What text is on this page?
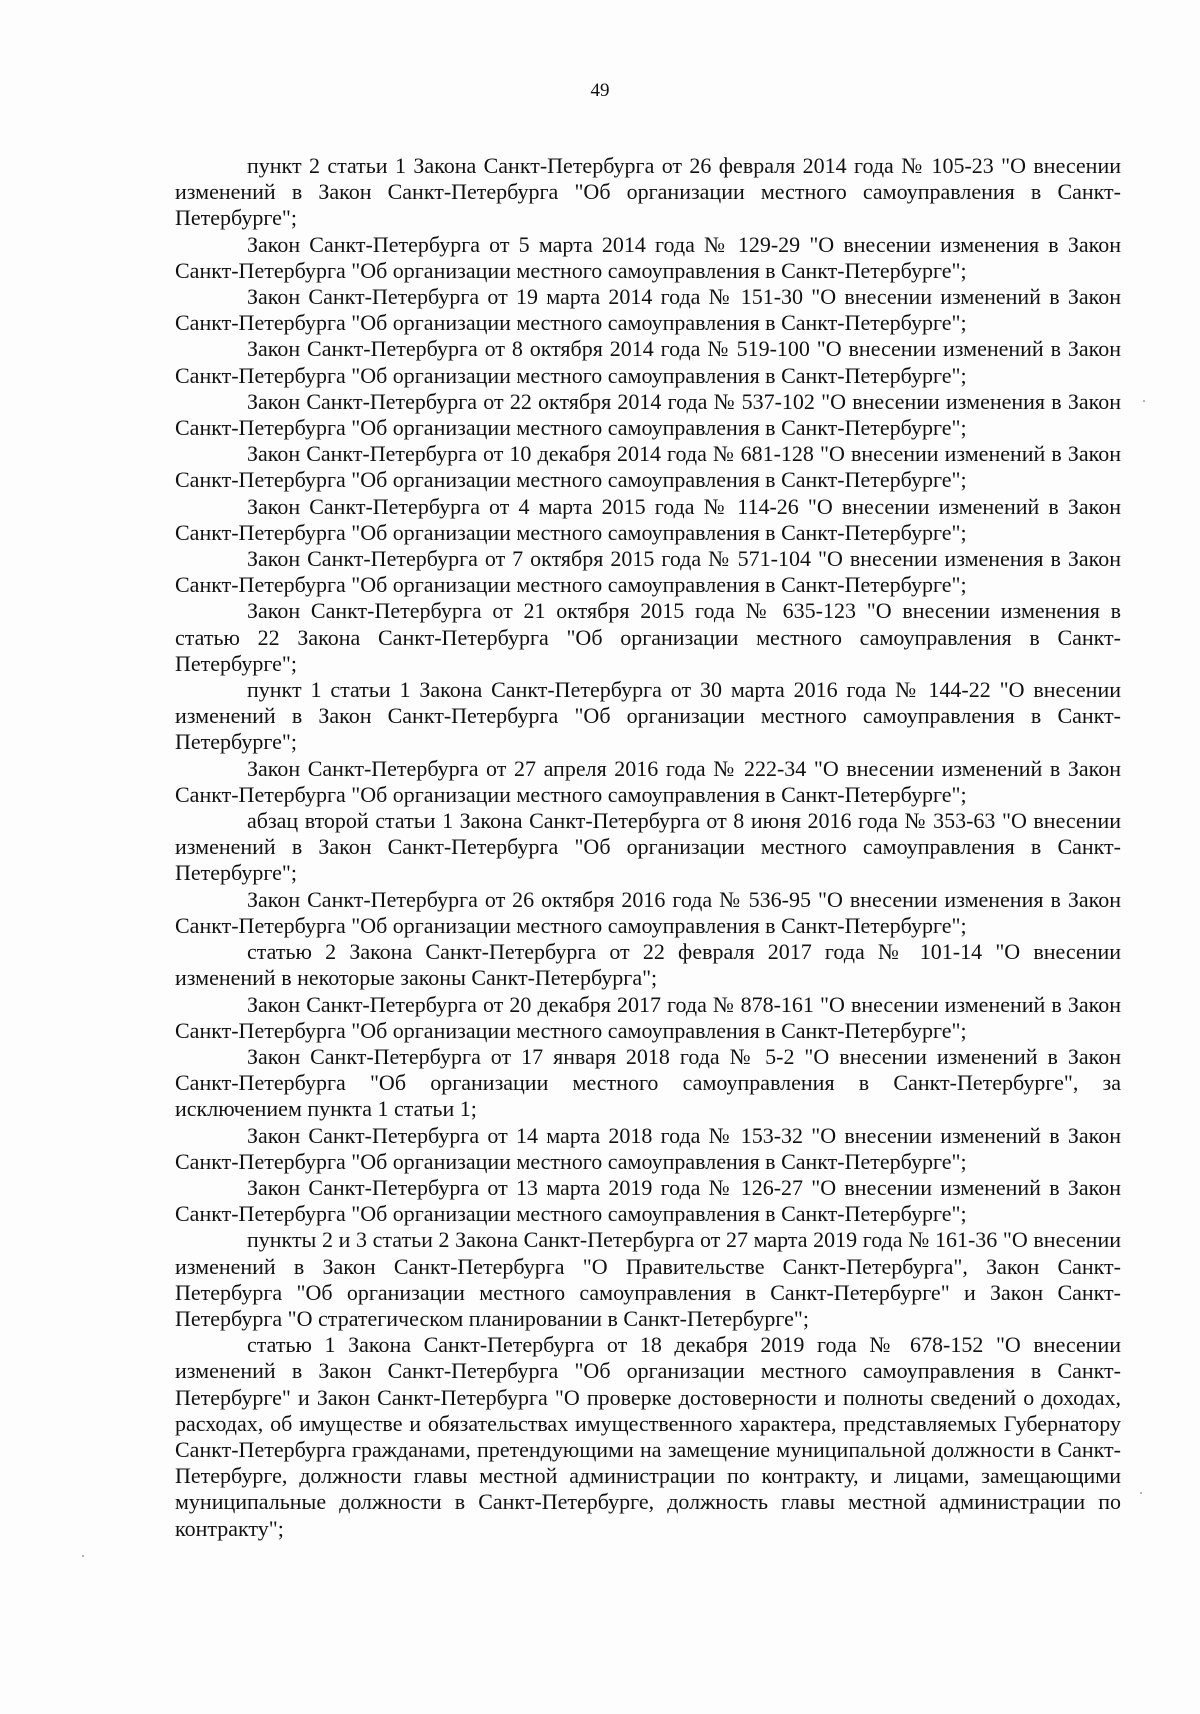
49

пункт 2 статьи 1 Закона Санкт-Петербурга от 26 февраля 2014 года № 105-23 "О внесении изменений в Закон Санкт-Петербурга "Об организации местного самоуправления в Санкт-Петербурге";

Закон Санкт-Петербурга от 5 марта 2014 года № 129-29 "О внесении изменения в Закон Санкт-Петербурга "Об организации местного самоуправления в Санкт-Петербурге";

Закон Санкт-Петербурга от 19 марта 2014 года № 151-30 "О внесении изменений в Закон Санкт-Петербурга "Об организации местного самоуправления в Санкт-Петербурге";

Закон Санкт-Петербурга от 8 октября 2014 года № 519-100 "О внесении изменений в Закон Санкт-Петербурга "Об организации местного самоуправления в Санкт-Петербурге";

Закон Санкт-Петербурга от 22 октября 2014 года № 537-102 "О внесении изменения в Закон Санкт-Петербурга "Об организации местного самоуправления в Санкт-Петербурге";

Закон Санкт-Петербурга от 10 декабря 2014 года № 681-128 "О внесении изменений в Закон Санкт-Петербурга "Об организации местного самоуправления в Санкт-Петербурге";

Закон Санкт-Петербурга от 4 марта 2015 года № 114-26 "О внесении изменений в Закон Санкт-Петербурга "Об организации местного самоуправления в Санкт-Петербурге";

Закон Санкт-Петербурга от 7 октября 2015 года № 571-104 "О внесении изменения в Закон Санкт-Петербурга "Об организации местного самоуправления в Санкт-Петербурге";

Закон Санкт-Петербурга от 21 октября 2015 года № 635-123 "О внесении изменения в статью 22 Закона Санкт-Петербурга "Об организации местного самоуправления в Санкт-Петербурге";

пункт 1 статьи 1 Закона Санкт-Петербурга от 30 марта 2016 года № 144-22 "О внесении изменений в Закон Санкт-Петербурга "Об организации местного самоуправления в Санкт-Петербурге";

Закон Санкт-Петербурга от 27 апреля 2016 года № 222-34 "О внесении изменений в Закон Санкт-Петербурга "Об организации местного самоуправления в Санкт-Петербурге";

абзац второй статьи 1 Закона Санкт-Петербурга от 8 июня 2016 года № 353-63 "О внесении изменений в Закон Санкт-Петербурга "Об организации местного самоуправления в Санкт-Петербурге";

Закон Санкт-Петербурга от 26 октября 2016 года № 536-95 "О внесении изменения в Закон Санкт-Петербурга "Об организации местного самоуправления в Санкт-Петербурге";

статью 2 Закона Санкт-Петербурга от 22 февраля 2017 года № 101-14 "О внесении изменений в некоторые законы Санкт-Петербурга";

Закон Санкт-Петербурга от 20 декабря 2017 года № 878-161 "О внесении изменений в Закон Санкт-Петербурга "Об организации местного самоуправления в Санкт-Петербурге";

Закон Санкт-Петербурга от 17 января 2018 года № 5-2 "О внесении изменений в Закон Санкт-Петербурга "Об организации местного самоуправления в Санкт-Петербурге", за исключением пункта 1 статьи 1;

Закон Санкт-Петербурга от 14 марта 2018 года № 153-32 "О внесении изменений в Закон Санкт-Петербурга "Об организации местного самоуправления в Санкт-Петербурге";

Закон Санкт-Петербурга от 13 марта 2019 года № 126-27 "О внесении изменений в Закон Санкт-Петербурга "Об организации местного самоуправления в Санкт-Петербурге";

пункты 2 и 3 статьи 2 Закона Санкт-Петербурга от 27 марта 2019 года № 161-36 "О внесении изменений в Закон Санкт-Петербурга "О Правительстве Санкт-Петербурга", Закон Санкт-Петербурга "Об организации местного самоуправления в Санкт-Петербурге" и Закон Санкт-Петербурга "О стратегическом планировании в Санкт-Петербурге";

статью 1 Закона Санкт-Петербурга от 18 декабря 2019 года № 678-152 "О внесении изменений в Закон Санкт-Петербурга "Об организации местного самоуправления в Санкт-Петербурге" и Закон Санкт-Петербурга "О проверке достоверности и полноты сведений о доходах, расходах, об имуществе и обязательствах имущественного характера, представляемых Губернатору Санкт-Петербурга гражданами, претендующими на замещение муниципальной должности в Санкт-Петербурге, должности главы местной администрации по контракту, и лицами, замещающими муниципальные должности в Санкт-Петербурге, должность главы местной администрации по контракту";
